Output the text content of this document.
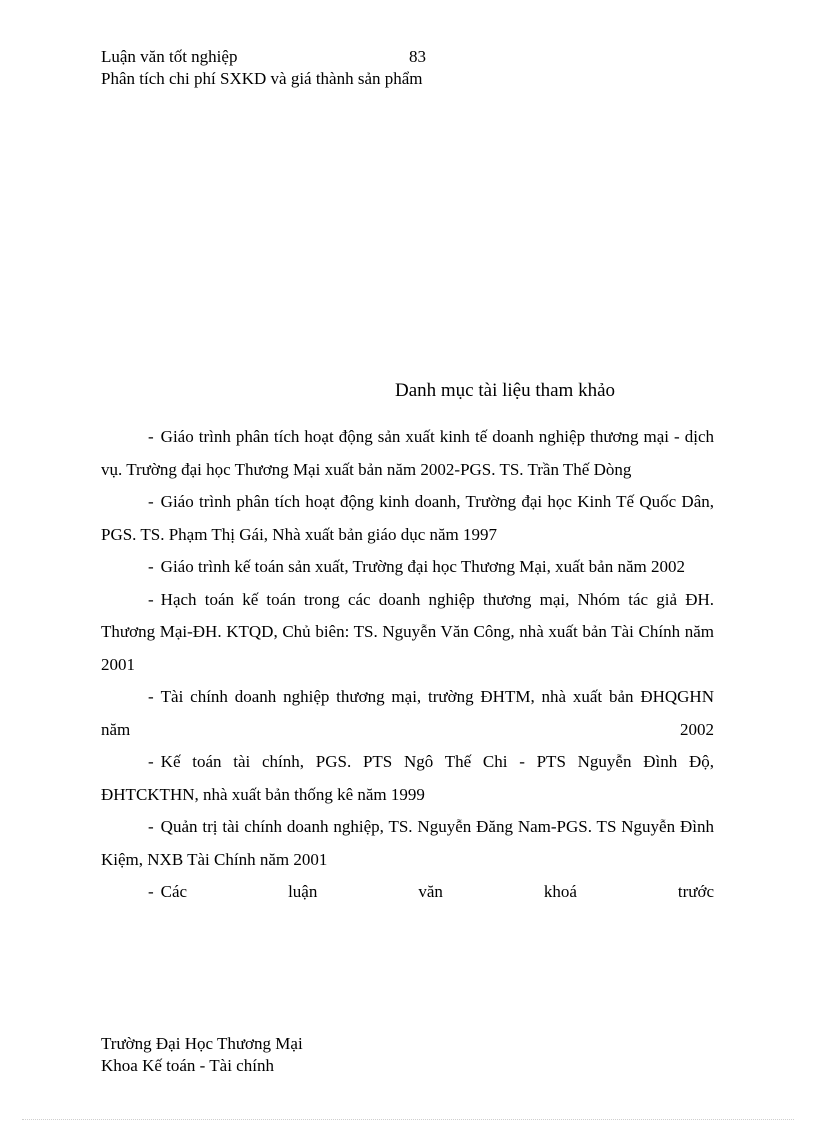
Luận văn tốt nghiệp	83
Phân tích chi phí SXKD và giá thành sản phẩm
Danh mục tài liệu tham khảo

- Giáo trình phân tích hoạt động sản xuất kinh tế doanh nghiệp thương mại - dịch vụ. Trường đại học Thương Mại xuất bản năm 2002-PGS. TS. Trần Thế Dòng

- Giáo trình phân tích hoạt động kinh doanh, Trường đại học Kinh Tế Quốc Dân, PGS. TS. Phạm Thị Gái, Nhà xuất bản giáo dục năm 1997

- Giáo trình kế toán sản xuất, Trường đại học Thương Mại, xuất bản năm 2002

- Hạch toán kế toán trong các doanh nghiệp thương mại, Nhóm tác giả ĐH. Thương Mại-ĐH. KTQD, Chủ biên: TS. Nguyễn Văn Công, nhà xuất bản Tài Chính năm 2001

- Tài chính doanh nghiệp thương mại, trường ĐHTM, nhà xuất bản ĐHQGHN năm 2002

- Kế toán tài chính, PGS. PTS Ngô Thế Chi - PTS Nguyễn Đình Độ, ĐHTCKTHN, nhà xuất bản thống kê năm 1999

- Quản trị tài chính doanh nghiệp, TS. Nguyễn Đăng Nam-PGS. TS Nguyễn Đình Kiệm, NXB Tài Chính năm 2001

- Các luận văn khoá trước

Trường Đại Học Thương Mại
Khoa Kế toán - Tài chính
